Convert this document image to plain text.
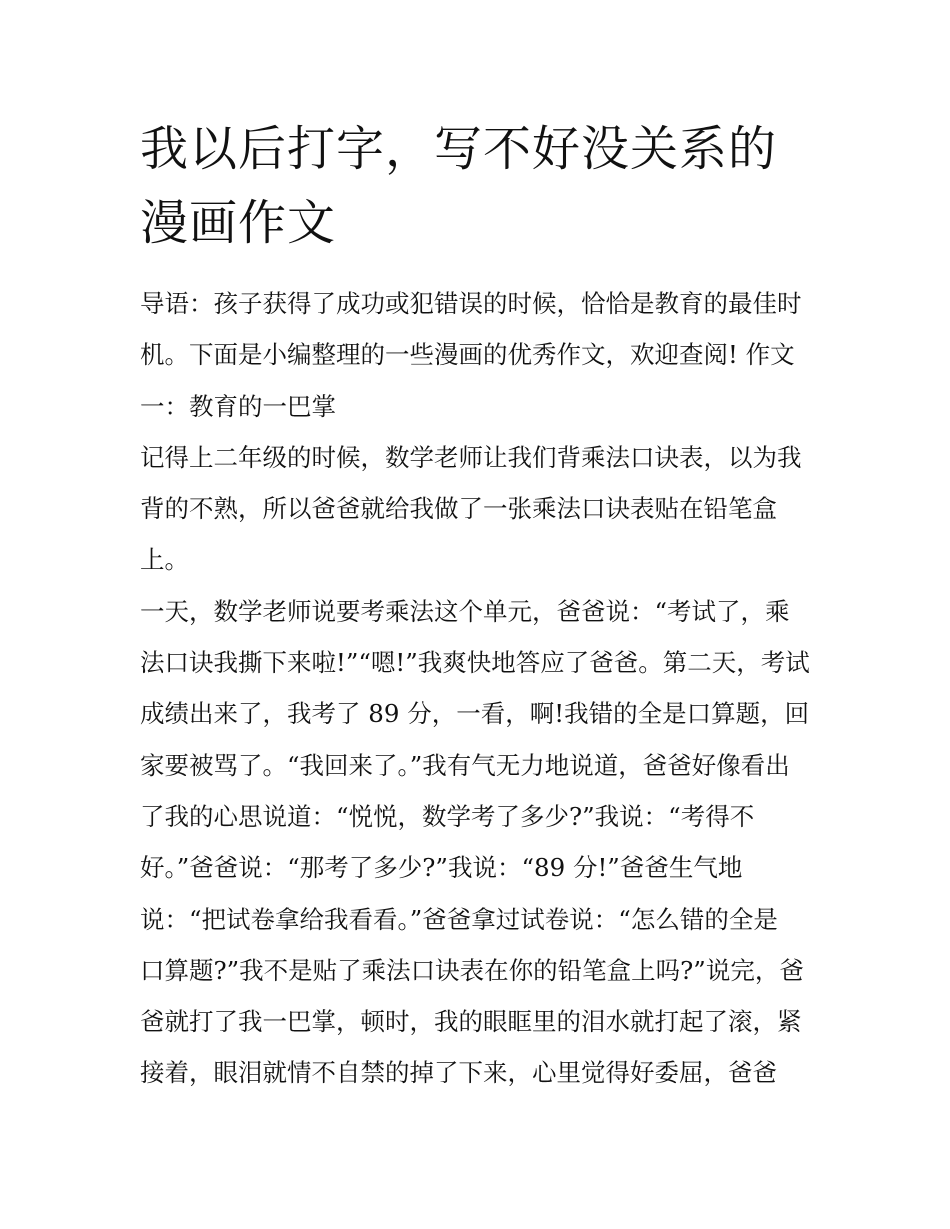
我以后打字，写不好没关系的
漫画作文
导语：孩子获得了成功或犯错误的时候，恰恰是教育的最佳时
机。下面是小编整理的一些漫画的优秀作文，欢迎查阅! 作文
一：教育的一巴掌
记得上二年级的时候，数学老师让我们背乘法口诀表，以为我
背的不熟，所以爸爸就给我做了一张乘法口诀表贴在铅笔盒
上。
一天，数学老师说要考乘法这个单元，爸爸说：“考试了，乘
法口诀我撕下来啦!”“嗯!”我爽快地答应了爸爸。第二天，考试
成绩出来了，我考了 89 分，一看，啊!我错的全是口算题，回
家要被骂了。“我回来了。”我有气无力地说道，爸爸好像看出
了我的心思说道：“悦悦，数学考了多少?”我说：“考得不
好。”爸爸说：“那考了多少?”我说：“89 分!”爸爸生气地
说：“把试卷拿给我看看。”爸爸拿过试卷说：“怎么错的全是
口算题?”我不是贴了乘法口诀表在你的铅笔盒上吗?”说完，爸
爸就打了我一巴掌，顿时，我的眼眶里的泪水就打起了滚，紧
接着，眼泪就情不自禁的掉了下来，心里觉得好委屈，爸爸
